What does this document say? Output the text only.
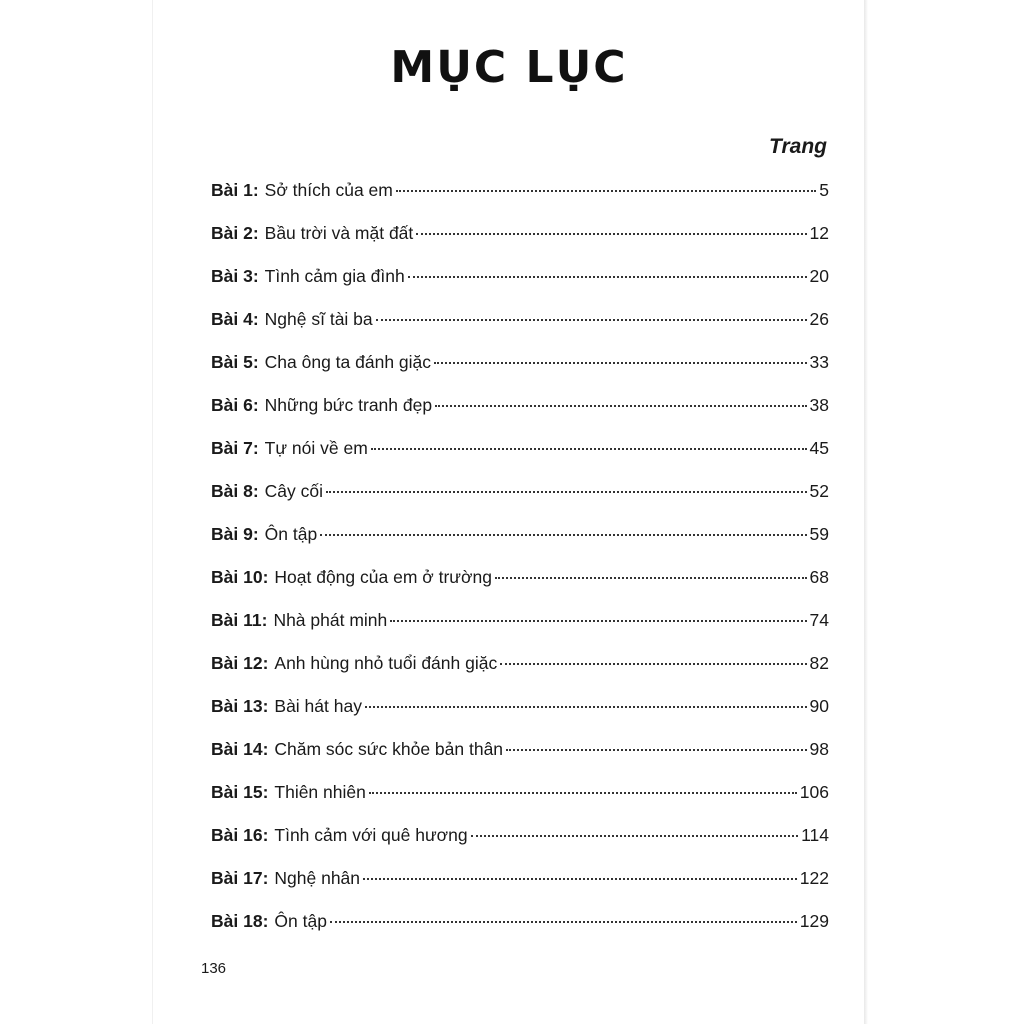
MỤC LỤC
Trang
Bài 1 : Sở thích của em	5
Bài 2 : Bầu trời và mặt đất	12
Bài 3 : Tình cảm gia đình	20
Bài 4 : Nghệ sĩ tài ba	26
Bài 5 : Cha ông ta đánh giặc	33
Bài 6 : Những bức tranh đẹp	38
Bài 7 : Tự nói về em	45
Bài 8 : Cây cối	52
Bài 9 : Ôn tập	59
Bài 10 : Hoạt động của em ở trường	68
Bài 11 : Nhà phát minh	74
Bài 12 : Anh hùng nhỏ tuổi đánh giặc	82
Bài 13 : Bài hát hay	90
Bài 14 : Chăm sóc sức khỏe bản thân	98
Bài 15 : Thiên nhiên	106
Bài 16 : Tình cảm với quê hương	114
Bài 17 : Nghệ nhân	122
Bài 18 : Ôn tập	129
136
